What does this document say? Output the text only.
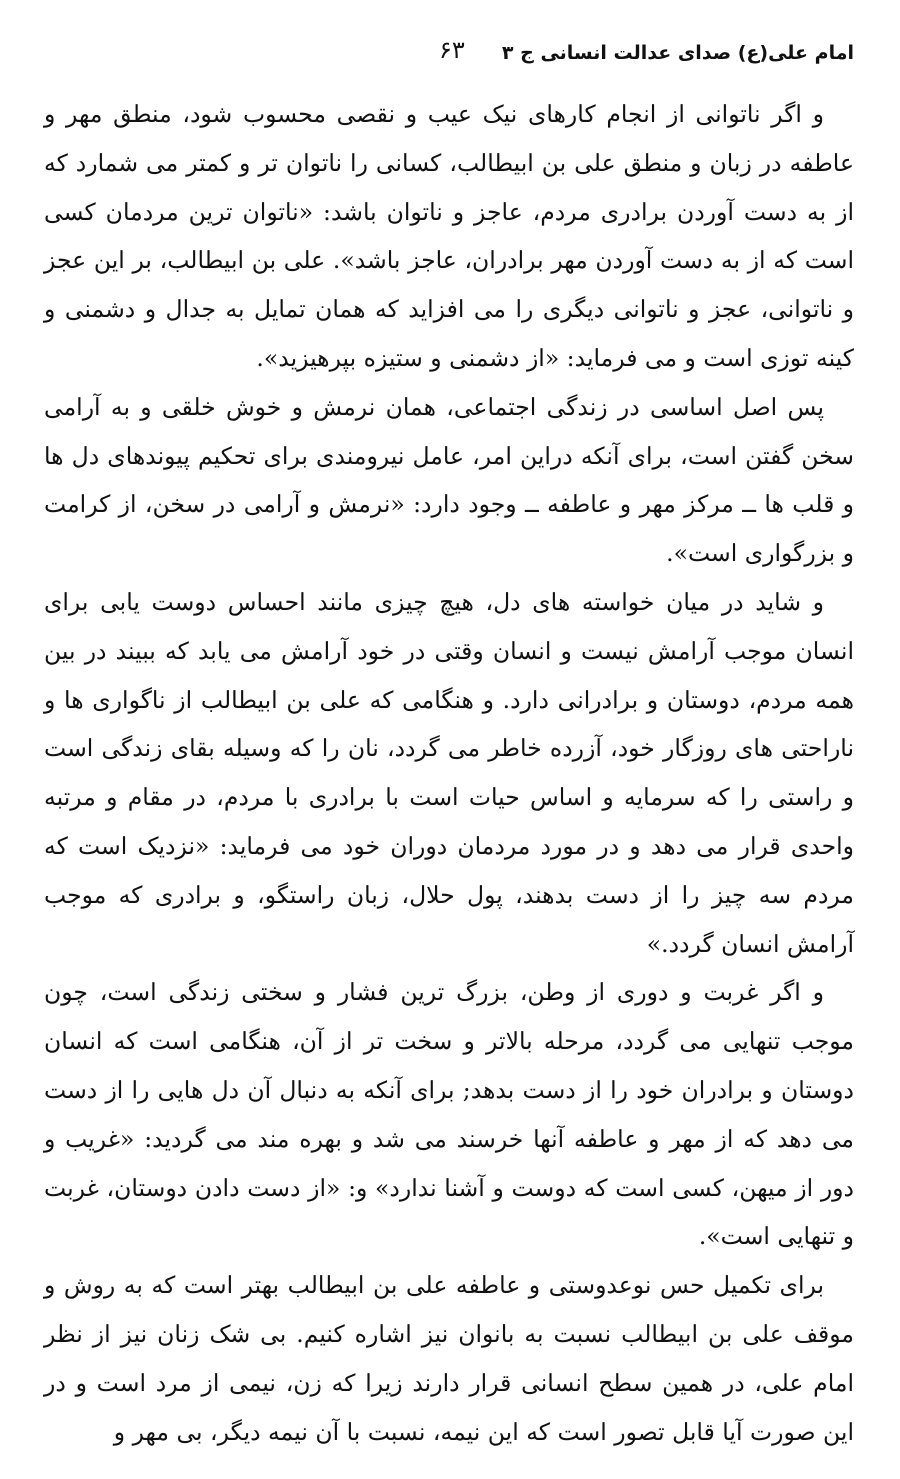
امام علی(ع) صدای عدالت انسانی ج ۳
۶۳

و اگر ناتوانی از انجام کارهای نیک عیب و نقصی محسوب شود، منطق مهر و عاطفه در زبان و منطق علی بن ابیطالب، کسانی را ناتوان تر و کمتر می شمارد که از به دست آوردن برادری مردم، عاجز و ناتوان باشد: «ناتوان ترین مردمان کسی است که از به دست آوردن مهر برادران، عاجز باشد». علی بن ابیطالب، بر این عجز و ناتوانی، عجز و ناتوانی دیگری را می افزاید که همان تمایل به جدال و دشمنی و کینه توزی است و می فرماید: «از دشمنی و ستیزه بپرهیزید».

پس اصل اساسی در زندگی اجتماعی، همان نرمش و خوش خلقی و به آرامی سخن گفتن است، برای آنکه دراین امر، عامل نیرومندی برای تحکیم پیوندهای دل ها و قلب ها ــ مرکز مهر و عاطفه ــ وجود دارد: «نرمش و آرامی در سخن، از کرامت و بزرگواری است».

و شاید در میان خواسته های دل، هیچ چیزی مانند احساس دوست یابی برای انسان موجب آرامش نیست و انسان وقتی در خود آرامش می یابد که ببیند در بین همه مردم، دوستان و برادرانی دارد. و هنگامی که علی بن ابیطالب از ناگواری ها و ناراحتی های روزگار خود، آزرده خاطر می گردد، نان را که وسیله بقای زندگی است و راستی را که سرمایه و اساس حیات است با برادری با مردم، در مقام و مرتبه واحدی قرار می دهد و در مورد مردمان دوران خود می فرماید: «نزدیک است که مردم سه چیز را از دست بدهند، پول حلال، زبان راستگو، و برادری که موجب آرامش انسان گردد.»

و اگر غربت و دوری از وطن، بزرگ ترین فشار و سختی زندگی است، چون موجب تنهایی می گردد، مرحله بالاتر و سخت تر از آن، هنگامی است که انسان دوستان و برادران خود را از دست بدهد; برای آنکه به دنبال آن دل هایی را از دست می دهد که از مهر و عاطفه آنها خرسند می شد و بهره مند می گردید: «غریب و دور از میهن، کسی است که دوست و آشنا ندارد» و: «از دست دادن دوستان، غربت و تنهایی است».

برای تکمیل حس نوعدوستی و عاطفه علی بن ابیطالب بهتر است که به روش و موقف علی بن ابیطالب نسبت به بانوان نیز اشاره کنیم. بی شک زنان نیز از نظر امام علی، در همین سطح انسانی قرار دارند زیرا که زن، نیمی از مرد است و در این صورت آیا قابل تصور است که این نیمه، نسبت با آن نیمه دیگر، بی مهر و
